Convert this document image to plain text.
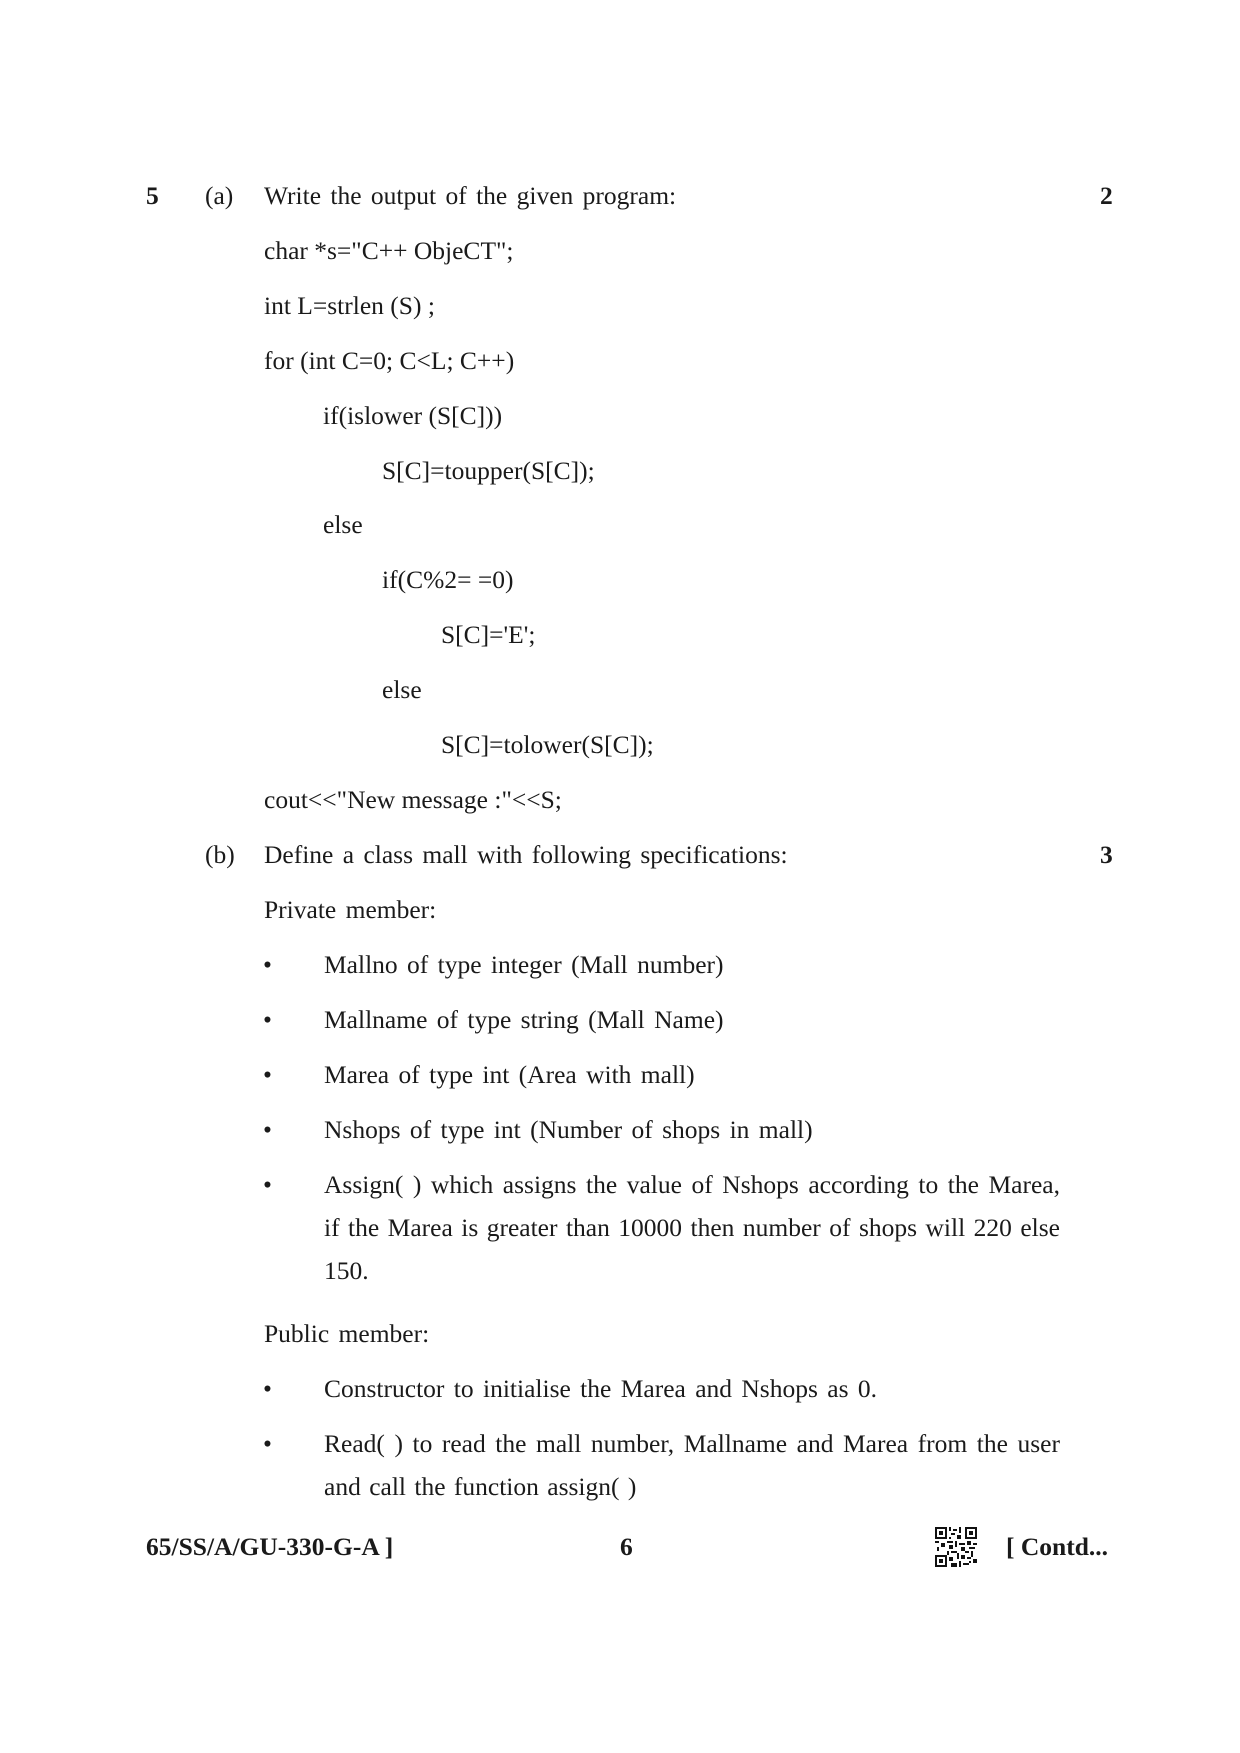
5 (a) Write the output of the given program:	2
char *s="C++ ObjeCT";
int L=strlen (S) ;
for (int C=0; C<L; C++)
if(islower (S[C]))
S[C]=toupper(S[C]);
else
if(C%2= =0)
S[C]='E';
else
S[C]=tolower(S[C]);
cout<<"New message :"<<S;
(b) Define a class mall with following specifications:	3
Private member:
• Mallno of type integer (Mall number)
• Mallname of type string (Mall Name)
• Marea of type int (Area with mall)
• Nshops of type int (Number of shops in mall)
• Assign( ) which assigns the value of Nshops according to the Marea, if the Marea is greater than 10000 then number of shops will 220 else 150.
Public member:
• Constructor to initialise the Marea and Nshops as 0.
• Read( ) to read the mall number, Mallname and Marea from the user and call the function assign( )
65/SS/A/GU-330-G-A ]	6	[ Contd...
